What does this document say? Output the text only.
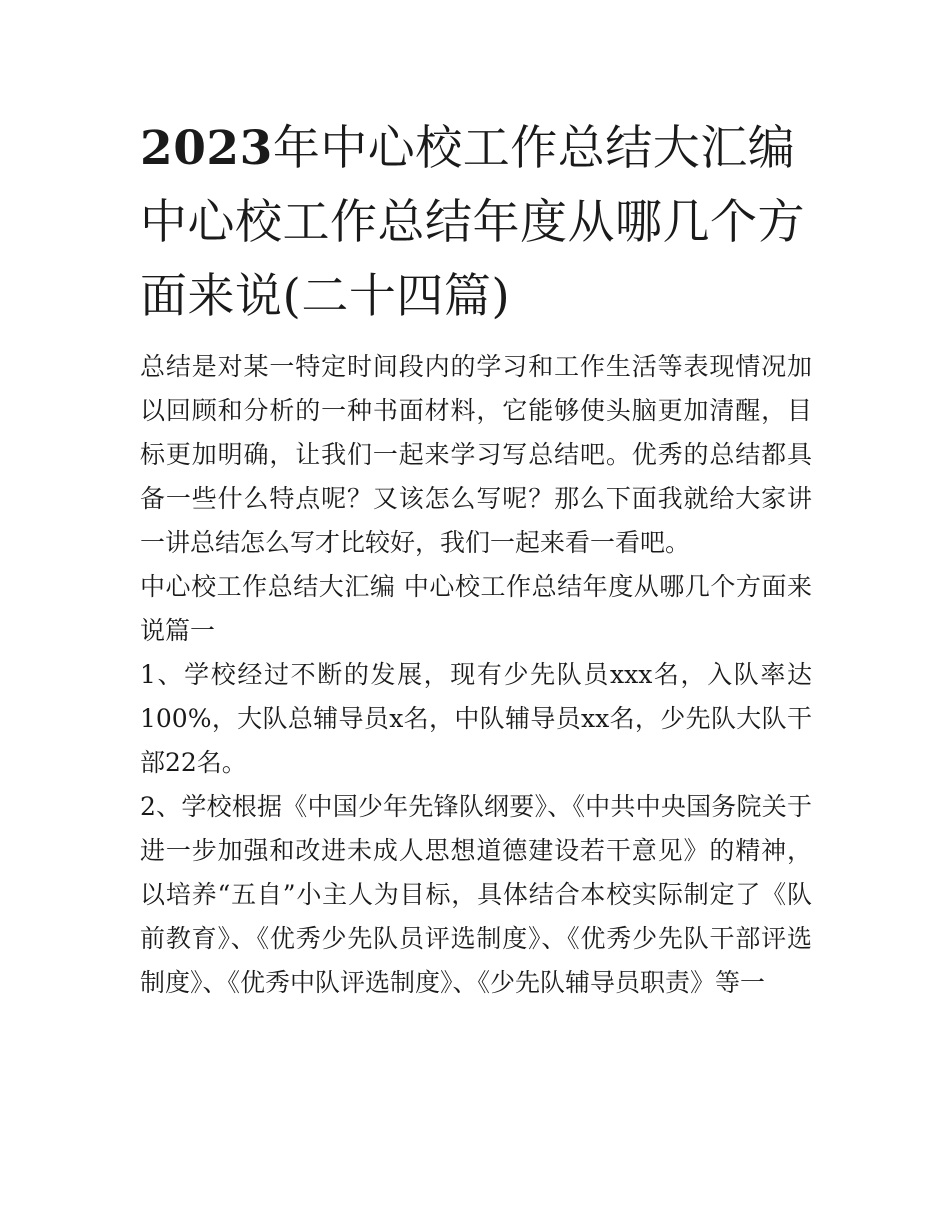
2023年中心校工作总结大汇编 中心校工作总结年度从哪几个方面来说(二十四篇)

总结是对某一特定时间段内的学习和工作生活等表现情况加以回顾和分析的一种书面材料，它能够使头脑更加清醒，目标更加明确，让我们一起来学习写总结吧。优秀的总结都具备一些什么特点呢？又该怎么写呢？那么下面我就给大家讲一讲总结怎么写才比较好，我们一起来看一看吧。

中心校工作总结大汇编 中心校工作总结年度从哪几个方面来说篇一

1、学校经过不断的发展，现有少先队员xxx名，入队率达100%，大队总辅导员x名，中队辅导员xx名，少先队大队干部22名。

2、学校根据《中国少年先锋队纲要》、《中共中央国务院关于进一步加强和改进未成人思想道德建设若干意见》的精神，以培养“五自”小主人为目标，具体结合本校实际制定了《队前教育》、《优秀少先队员评选制度》、《优秀少先队干部评选制度》、《优秀中队评选制度》、《少先队辅导员职责》等一
